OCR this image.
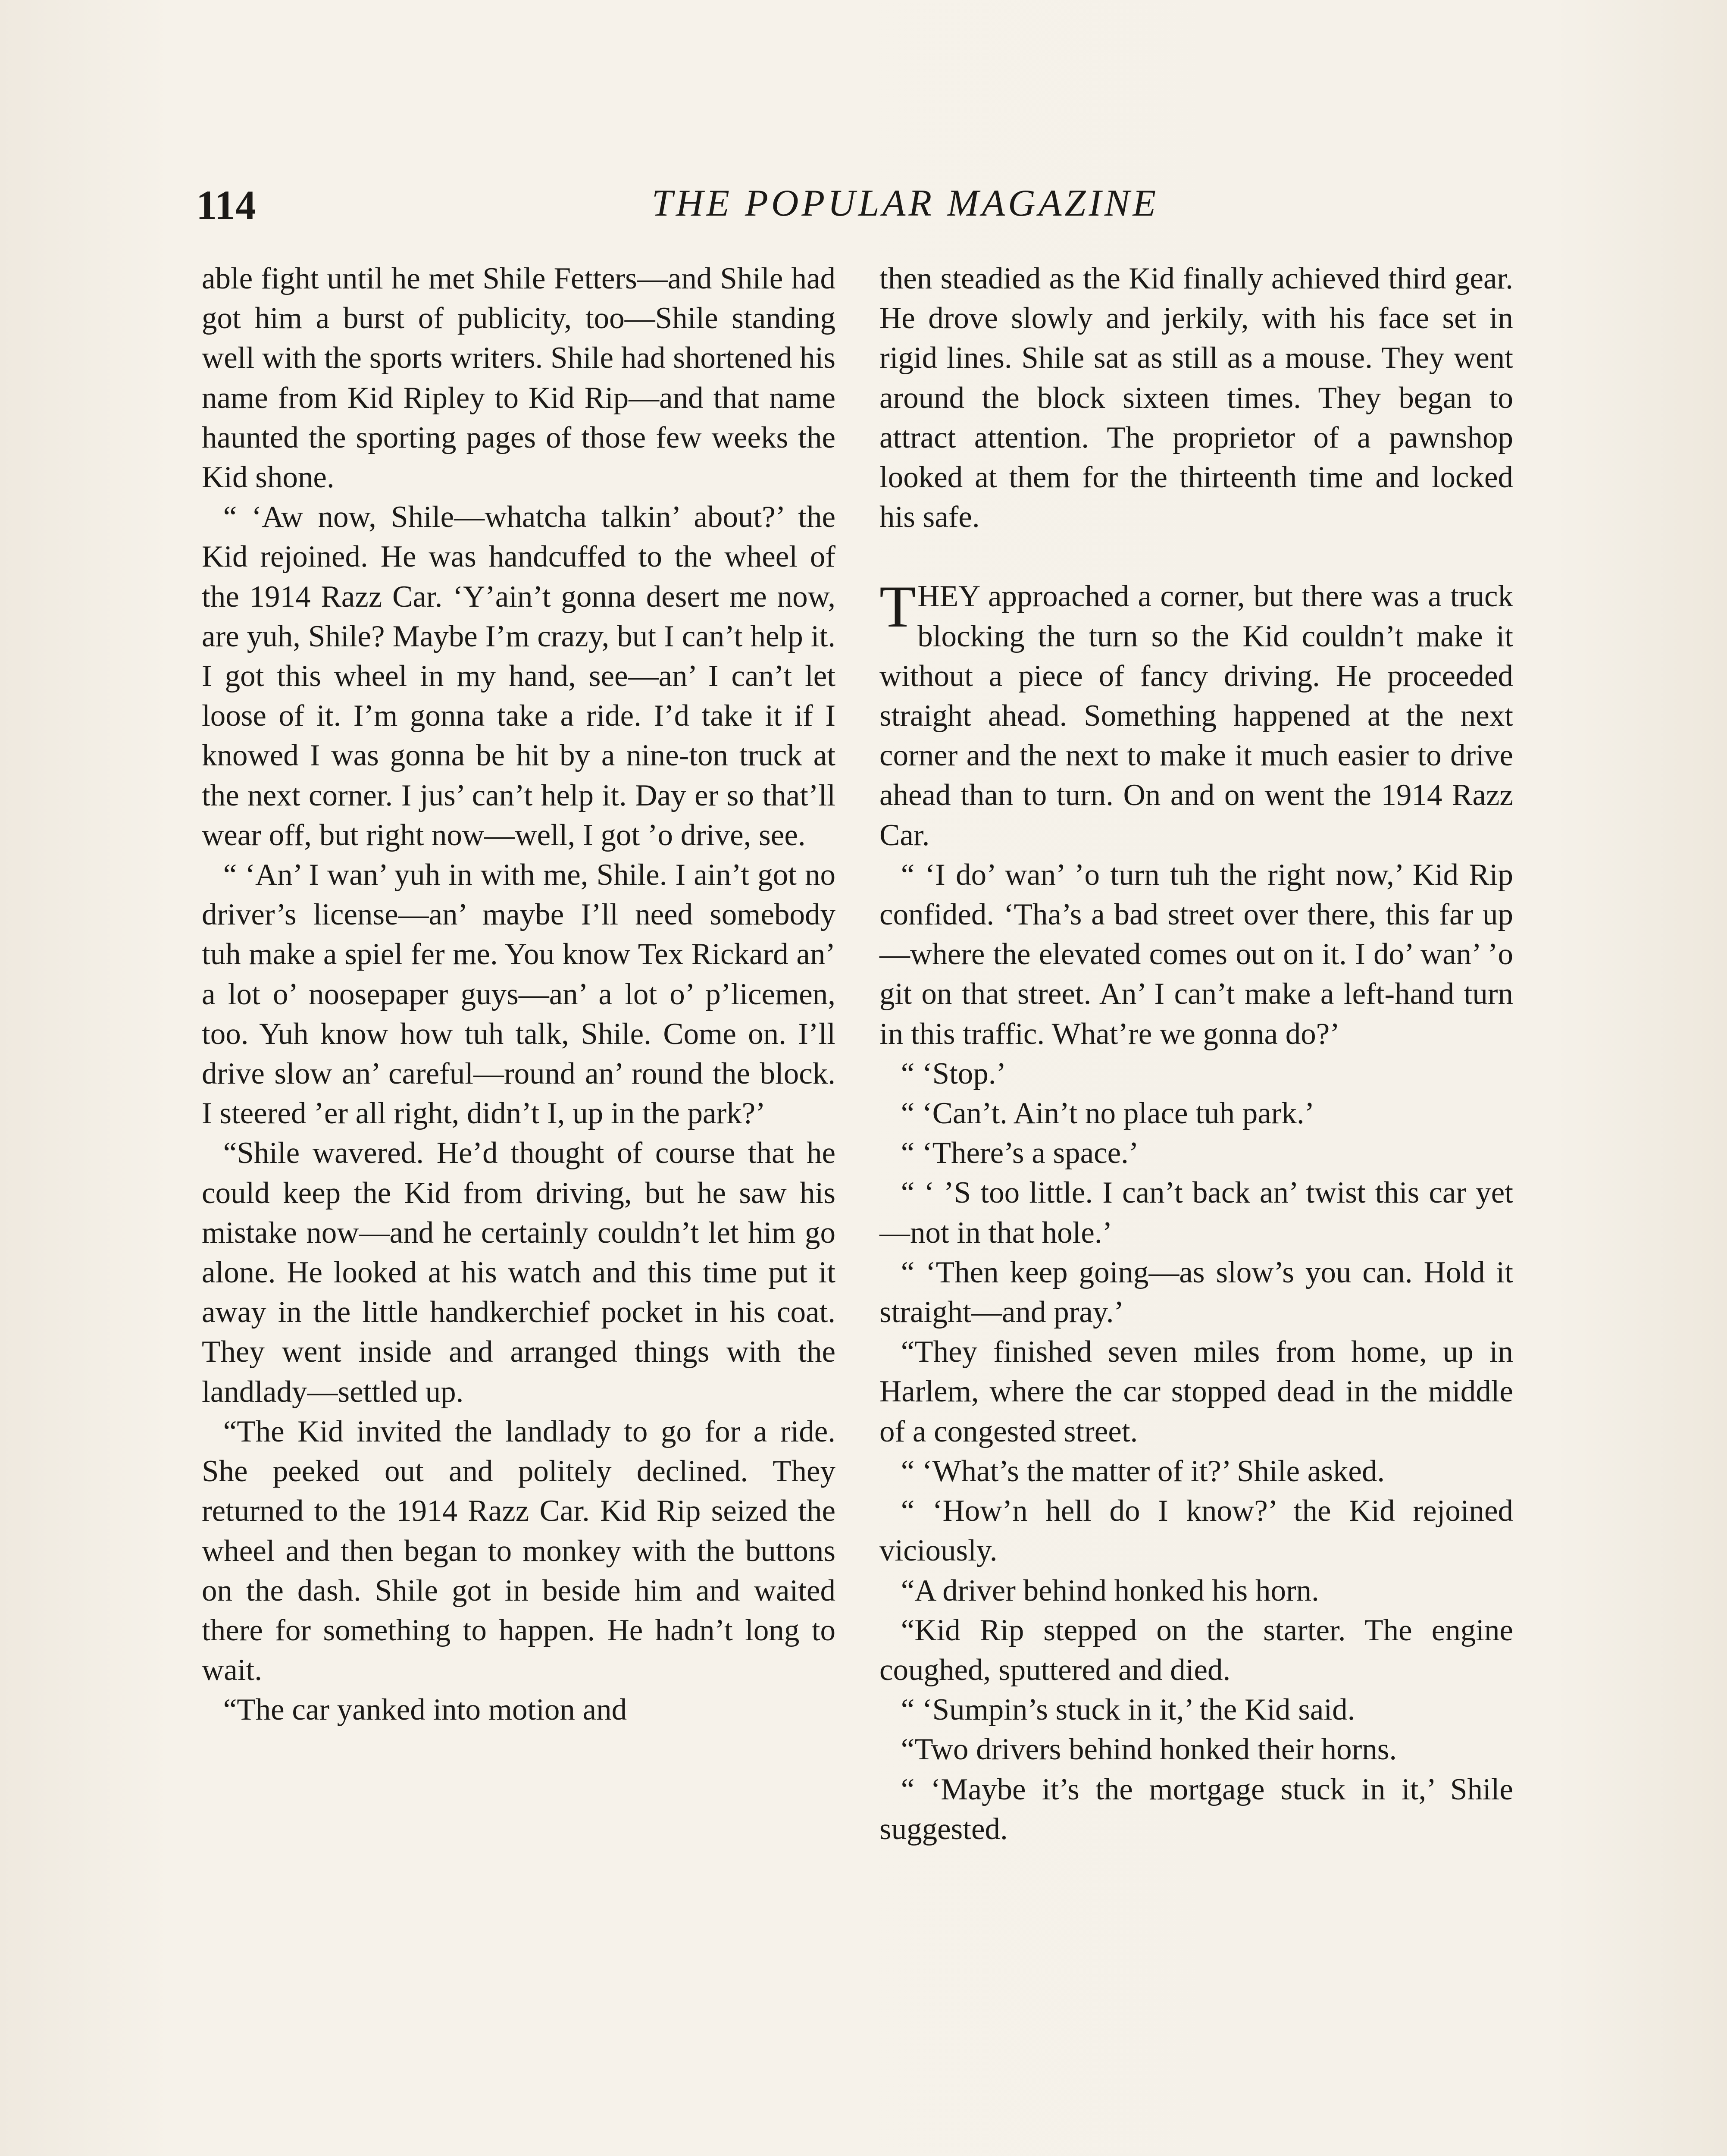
114	THE POPULAR MAGAZINE

able fight until he met Shile Fetters—and Shile had got him a burst of publicity, too—Shile standing well with the sports writers. Shile had shortened his name from Kid Ripley to Kid Rip—and that name haunted the sporting pages of those few weeks the Kid shone.

“ ‘Aw now, Shile—whatcha talkin’ about?’ the Kid rejoined. He was handcuffed to the wheel of the 1914 Razz Car. ‘Y’ain’t gonna desert me now, are yuh, Shile? Maybe I’m crazy, but I can’t help it. I got this wheel in my hand, see—an’ I can’t let loose of it. I’m gonna take a ride. I’d take it if I knowed I was gonna be hit by a nine-ton truck at the next corner. I jus’ can’t help it. Day er so that’ll wear off, but right now—well, I got ’o drive, see.

“ ‘An’ I wan’ yuh in with me, Shile. I ain’t got no driver’s license—an’ maybe I’ll need somebody tuh make a spiel fer me. You know Tex Rickard an’ a lot o’ noosepaper guys—an’ a lot o’ p’licemen, too. Yuh know how tuh talk, Shile. Come on. I’ll drive slow an’ careful—round an’ round the block. I steered ’er all right, didn’t I, up in the park?’

“Shile wavered. He’d thought of course that he could keep the Kid from driving, but he saw his mistake now—and he certainly couldn’t let him go alone. He looked at his watch and this time put it away in the little handkerchief pocket in his coat. They went inside and arranged things with the landlady—settled up.

“The Kid invited the landlady to go for a ride. She peeked out and politely declined. They returned to the 1914 Razz Car. Kid Rip seized the wheel and then began to monkey with the buttons on the dash. Shile got in beside him and waited there for something to happen. He hadn’t long to wait.

“The car yanked into motion and

then steadied as the Kid finally achieved third gear. He drove slowly and jerkily, with his face set in rigid lines. Shile sat as still as a mouse. They went around the block sixteen times. They began to attract attention. The proprietor of a pawnshop looked at them for the thirteenth time and locked his safe.

THEY approached a corner, but there was a truck blocking the turn so the Kid couldn’t make it without a piece of fancy driving. He proceeded straight ahead. Something happened at the next corner and the next to make it much easier to drive ahead than to turn. On and on went the 1914 Razz Car.

“ ‘I do’ wan’ ’o turn tuh the right now,’ Kid Rip confided. ‘Tha’s a bad street over there, this far up—where the elevated comes out on it. I do’ wan’ ’o git on that street. An’ I can’t make a left-hand turn in this traffic. What’re we gonna do?’

“ ‘Stop.’

“ ‘Can’t. Ain’t no place tuh park.’

“ ‘There’s a space.’

“ ‘ ’S too little. I can’t back an’ twist this car yet—not in that hole.’

“ ‘Then keep going—as slow’s you can. Hold it straight—and pray.’

“They finished seven miles from home, up in Harlem, where the car stopped dead in the middle of a congested street.

“ ‘What’s the matter of it?’ Shile asked.

“ ‘How’n hell do I know?’ the Kid rejoined viciously.

“A driver behind honked his horn.

“Kid Rip stepped on the starter. The engine coughed, sputtered and died.

“ ‘Sumpin’s stuck in it,’ the Kid said.

“Two drivers behind honked their horns.

“ ‘Maybe it’s the mortgage stuck in it,’ Shile suggested.
